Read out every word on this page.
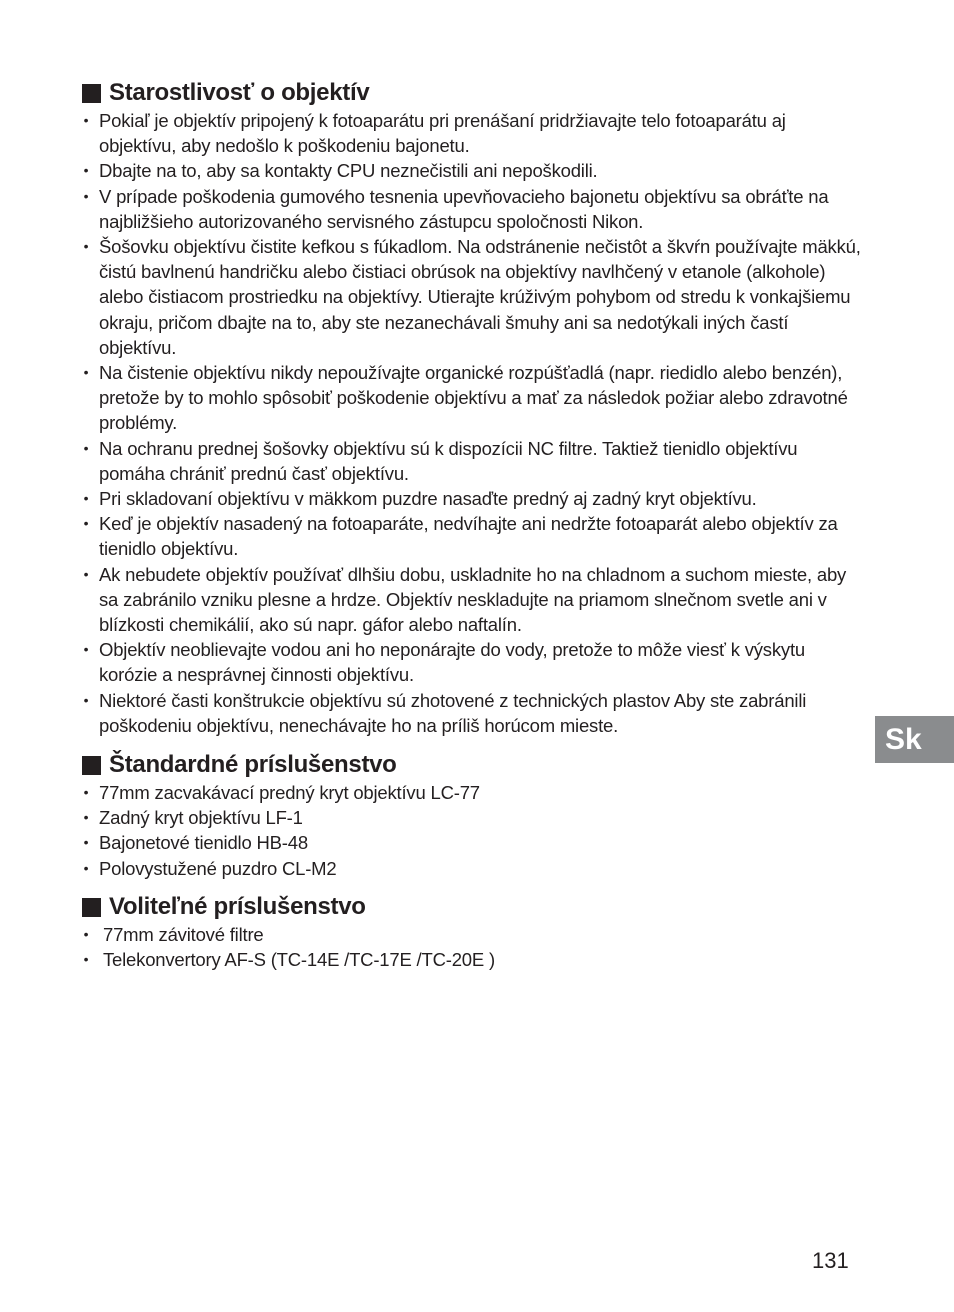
Starostlivosť o objektív
• Pokiaľ je objektív pripojený k fotoaparátu pri prenášaní pridržiavajte telo fotoaparátu aj objektívu, aby nedošlo k poškodeniu bajonetu.
• Dbajte na to, aby sa kontakty CPU neznečistili ani nepoškodili.
• V prípade poškodenia gumového tesnenia upevňovacieho bajonetu objektívu sa obráťte na najbližšieho autorizovaného servisného zástupcu spoločnosti Nikon.
• Šošovku objektívu čistite kefkou s fúkadlom. Na odstránenie nečistôt a škvŕn používajte mäkkú, čistú bavlnenú handričku alebo čistiaci obrúsok na objektívy navlhčený v etanole (alkohole) alebo čistiacom prostriedku na objektívy. Utierajte krúživým pohybom od stredu k vonkajšiemu okraju, pričom dbajte na to, aby ste nezanechávali šmuhy ani sa nedotýkali iných častí objektívu.
• Na čistenie objektívu nikdy nepoužívajte organické rozpúšťadlá (napr. riedidlo alebo benzén), pretože by to mohlo spôsobiť poškodenie objektívu a mať za následok požiar alebo zdravotné problémy.
• Na ochranu prednej šošovky objektívu sú k dispozícii NC filtre. Taktiež tienidlo objektívu pomáha chrániť prednú časť objektívu.
• Pri skladovaní objektívu v mäkkom puzdre nasaďte predný aj zadný kryt objektívu.
• Keď je objektív nasadený na fotoaparáte, nedvíhajte ani nedržte fotoaparát alebo objektív za tienidlo objektívu.
• Ak nebudete objektív používať dlhšiu dobu, uskladnite ho na chladnom a suchom mieste, aby sa zabránilo vzniku plesne a hrdze. Objektív neskladujte na priamom slnečnom svetle ani v blízkosti chemikálií, ako sú napr. gáfor alebo naftalín.
• Objektív neoblievajte vodou ani ho neponárajte do vody, pretože to môže viesť k výskytu korózie a nesprávnej činnosti objektívu.
• Niektoré časti konštrukcie objektívu sú zhotovené z technických plastov Aby ste zabránili poškodeniu objektívu, nenechávajte ho na príliš horúcom mieste.
Štandardné príslušenstvo
• 77mm zacvakávací predný kryt objektívu LC-77
• Zadný kryt objektívu LF-1
• Bajonetové tienidlo HB-48
• Polovystužené puzdro CL-M2
Voliteľné príslušenstvo
• 77mm závitové filtre
• Telekonvertory AF-S (TC-14E /TC-17E /TC-20E )
Sk
131
